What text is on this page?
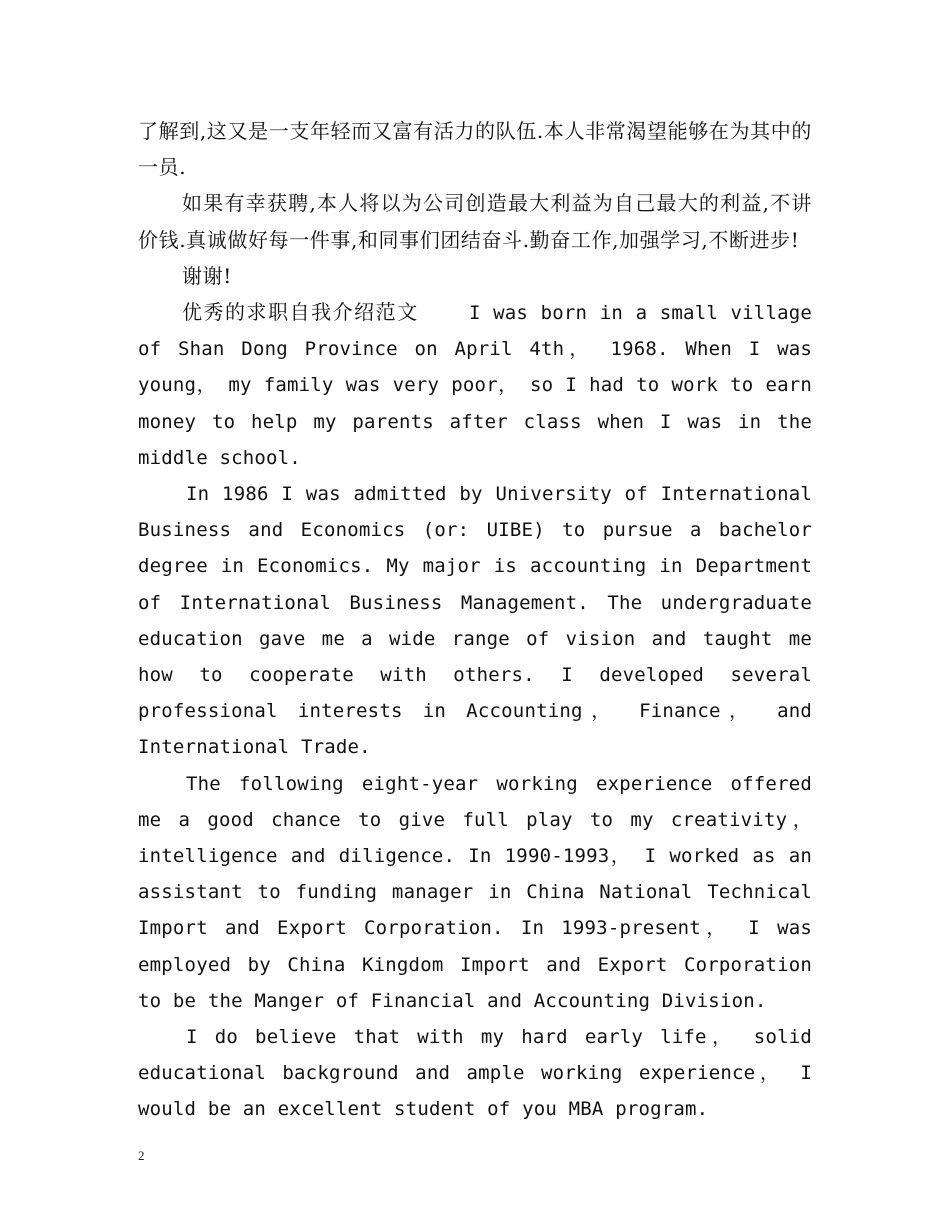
了解到,这又是一支年轻而又富有活力的队伍.本人非常渴望能够在为其中的一员.

如果有幸获聘,本人将以为公司创造最大利益为自己最大的利益,不讲价钱.真诚做好每一件事,和同事们团结奋斗.勤奋工作,加强学习,不断进步!

谢谢!

优秀的求职自我介绍范文	I was born in a small village of Shan Dong Province on April 4th， 1968. When I was young， my family was very poor， so I had to work to earn money to help my parents after class when I was in the middle school.

In 1986 I was admitted by University of International Business and Economics (or: UIBE) to pursue a bachelor degree in Economics. My major is accounting in Department of International Business Management. The undergraduate education gave me a wide range of vision and taught me how to cooperate with others. I developed several professional interests in Accounting， Finance， and International Trade.

The following eight-year working experience offered me a good chance to give full play to my creativity， intelligence and diligence. In 1990-1993， I worked as an assistant to funding manager in China National Technical Import and Export Corporation. In 1993-present， I was employed by China Kingdom Import and Export Corporation to be the Manger of Financial and Accounting Division.

I do believe that with my hard early life， solid educational background and ample working experience， I would be an excellent student of you MBA program.

2
